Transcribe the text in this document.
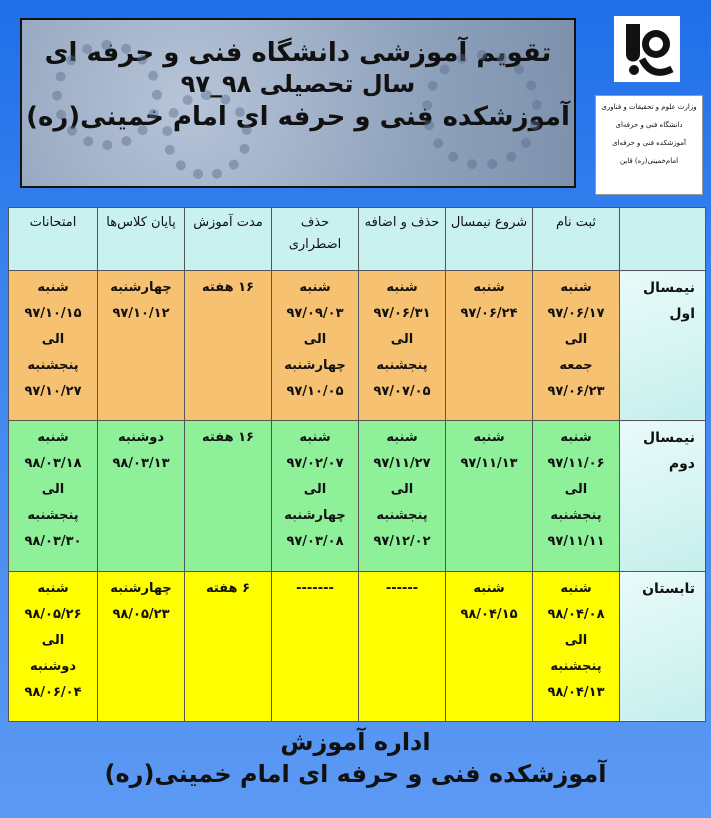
تقویم آموزشی دانشگاه فنی و حرفه ای
سال تحصیلی ۹۸_۹۷
آموزشکده فنی و حرفه ای امام خمینی(ره)	وزارت علوم و تحقیقات و فناوری
دانشگاه فنی و حرفه‌ای
آموزشکده فنی و حرفه‌ای
امام‌خمینی(ره) قاین
	ثبت نام	شروع نیمسال	حذف و اضافه	حذف اضطراری	مدت آموزش	پایان کلاس‌ها	امتحانات
نیمسال اول	شنبه
۹۷/۰۶/۱۷
الی
جمعه
۹۷/۰۶/۲۳	شنبه
۹۷/۰۶/۲۴	شنبه
۹۷/۰۶/۳۱
الی
پنجشنبه
۹۷/۰۷/۰۵	شنبه
۹۷/۰۹/۰۳
الی
چهارشنبه
۹۷/۱۰/۰۵	۱۶ هفته	چهارشنبه
۹۷/۱۰/۱۲	شنبه
۹۷/۱۰/۱۵
الی
پنجشنبه
۹۷/۱۰/۲۷
نیمسال دوم	شنبه
۹۷/۱۱/۰۶
الی
پنجشنبه
۹۷/۱۱/۱۱	شنبه
۹۷/۱۱/۱۳	شنبه
۹۷/۱۱/۲۷
الی
پنجشنبه
۹۷/۱۲/۰۲	شنبه
۹۷/۰۲/۰۷
الی
چهارشنبه
۹۷/۰۳/۰۸	۱۶ هفته	دوشنبه
۹۸/۰۳/۱۳	شنبه
۹۸/۰۳/۱۸
الی
پنجشنبه
۹۸/۰۳/۳۰
تابستان	شنبه
۹۸/۰۴/۰۸
الی
پنجشنبه
۹۸/۰۴/۱۳	شنبه
۹۸/۰۴/۱۵	------	-------	۶ هفته	چهارشنبه
۹۸/۰۵/۲۳	شنبه
۹۸/۰۵/۲۶
الی
دوشنبه
۹۸/۰۶/۰۴
اداره آموزش
آموزشکده فنی و حرفه ای امام خمینی(ره)
